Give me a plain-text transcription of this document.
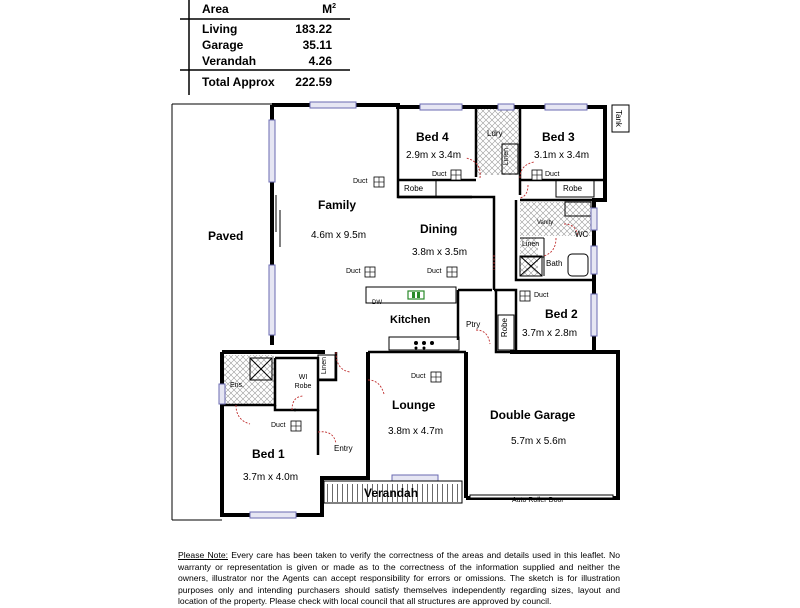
Area	$M^2$
Living	183.22
Garage	35.11
Verandah	4.26
Total Approx 222.59
Paved
Family
4.6m x 9.5m
Bed 4
2.9m x 3.4m
Bed 3
3.1m x 3.4m
Dining
3.8m x 3.5m
Bed 2
3.7m x 2.8m
Kitchen	Ptry
DW
Lounge
3.8m x 4.7m
Double Garage
5.7m x 5.6m
Auto Roller Door
Bed 1
3.7m x 4.0m
Verandah
Ldry
Linen
Robe	Robe
Robe
Vanity
WC
Bath
Linen
Ens.
WI Robe
Linen
Entry
Tank
Duct
Duct	Duct
Duct	Duct
Duct
Duct
Duct
Please Note: Every care has been taken to verify the correctness of the areas and details used in this leaflet. No warranty or representation is given or made as to the correctness of the information supplied and neither the owners, illustrator nor the Agents can accept responsibility for errors or omissions. The sketch is for illustration purposes only and intending purchasers should satisfy themselves independently regarding sizes, layout and location of the property. Please check with local council that all structures are approved by council.
